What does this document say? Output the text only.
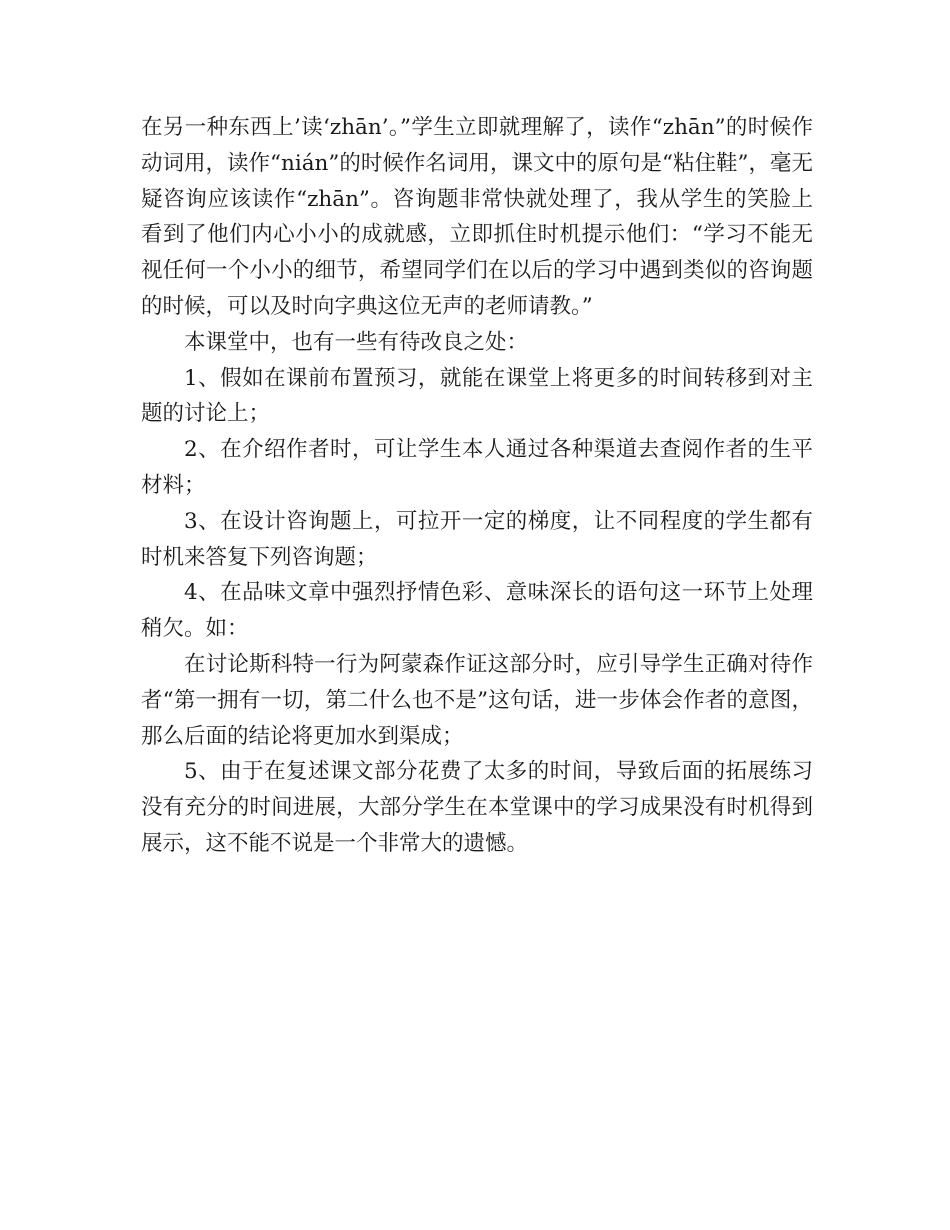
在另一种东西上’读‘zhān’。”学生立即就理解了，读作“zhān”的时候作动词用，读作“nián”的时候作名词用，课文中的原句是“粘住鞋”，毫无疑咨询应该读作“zhān”。咨询题非常快就处理了，我从学生的笑脸上看到了他们内心小小的成就感，立即抓住时机提示他们：“学习不能无视任何一个小小的细节，希望同学们在以后的学习中遇到类似的咨询题的时候，可以及时向字典这位无声的老师请教。”

本课堂中，也有一些有待改良之处：

1、假如在课前布置预习，就能在课堂上将更多的时间转移到对主题的讨论上；

2、在介绍作者时，可让学生本人通过各种渠道去查阅作者的生平材料；

3、在设计咨询题上，可拉开一定的梯度，让不同程度的学生都有时机来答复下列咨询题；

4、在品味文章中强烈抒情色彩、意味深长的语句这一环节上处理稍欠。如：

在讨论斯科特一行为阿蒙森作证这部分时，应引导学生正确对待作者“第一拥有一切，第二什么也不是”这句话，进一步体会作者的意图，那么后面的结论将更加水到渠成；

5、由于在复述课文部分花费了太多的时间，导致后面的拓展练习没有充分的时间进展，大部分学生在本堂课中的学习成果没有时机得到展示，这不能不说是一个非常大的遗憾。
